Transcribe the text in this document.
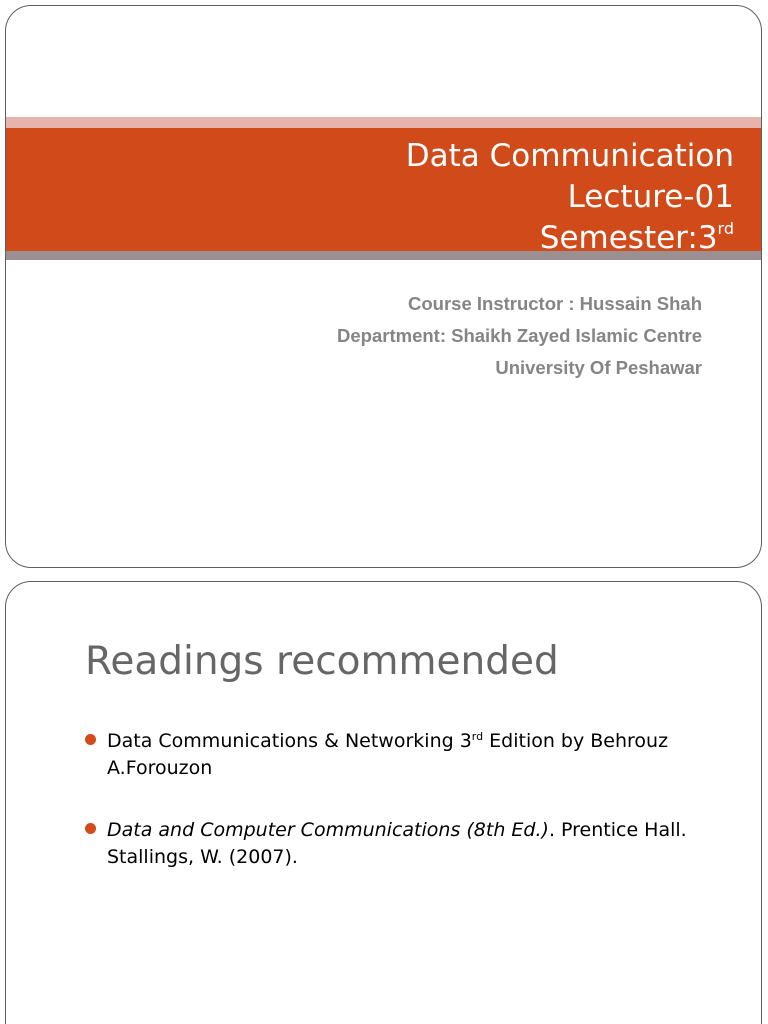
Data Communication
Lecture-01
Semester:3rd
Course Instructor : Hussain Shah
Department: Shaikh Zayed Islamic Centre
University Of Peshawar
Readings recommended
Data Communications & Networking 3rd Edition by Behrouz A.Forouzon
Data and Computer Communications (8th Ed.). Prentice Hall. Stallings, W. (2007).
